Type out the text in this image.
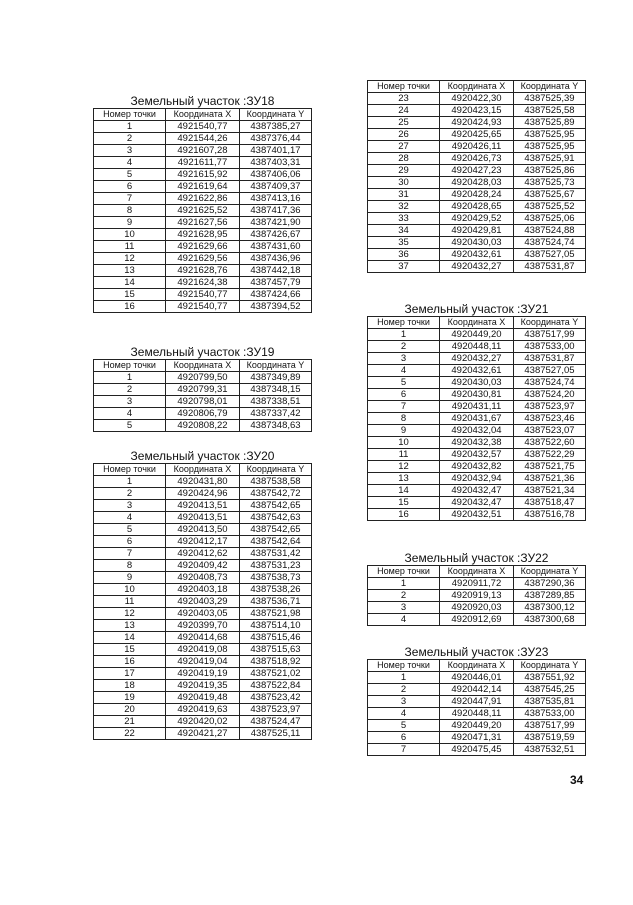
Земельный участок :ЗУ18
Номер точки	Координата X	Координата Y
1	4921540,77	4387385,27
2	4921544,26	4387376,44
3	4921607,28	4387401,17
4	4921611,77	4387403,31
5	4921615,92	4387406,06
6	4921619,64	4387409,37
7	4921622,86	4387413,16
8	4921625,52	4387417,36
9	4921627,56	4387421,90
10	4921628,95	4387426,67
11	4921629,66	4387431,60
12	4921629,56	4387436,96
13	4921628,76	4387442,18
14	4921624,38	4387457,79
15	4921540,77	4387424,66
16	4921540,77	4387394,52
Земельный участок :ЗУ19
Номер точки	Координата X	Координата Y
1	4920799,50	4387349,89
2	4920799,31	4387348,15
3	4920798,01	4387338,51
4	4920806,79	4387337,42
5	4920808,22	4387348,63
Земельный участок :ЗУ20
Номер точки	Координата X	Координата Y
1	4920431,80	4387538,58
2	4920424,96	4387542,72
3	4920413,51	4387542,65
4	4920413,51	4387542,63
5	4920413,50	4387542,65
6	4920412,17	4387542,64
7	4920412,62	4387531,42
8	4920409,42	4387531,23
9	4920408,73	4387538,73
10	4920403,18	4387538,26
11	4920403,29	4387536,71
12	4920403,05	4387521,98
13	4920399,70	4387514,10
14	4920414,68	4387515,46
15	4920419,08	4387515,63
16	4920419,04	4387518,92
17	4920419,19	4387521,02
18	4920419,35	4387522,84
19	4920419,48	4387523,42
20	4920419,63	4387523,97
21	4920420,02	4387524,47
22	4920421,27	4387525,11
Номер точки	Координата X	Координата Y
23	4920422,30	4387525,39
24	4920423,15	4387525,58
25	4920424,93	4387525,89
26	4920425,65	4387525,95
27	4920426,11	4387525,95
28	4920426,73	4387525,91
29	4920427,23	4387525,86
30	4920428,03	4387525,73
31	4920428,24	4387525,67
32	4920428,65	4387525,52
33	4920429,52	4387525,06
34	4920429,81	4387524,88
35	4920430,03	4387524,74
36	4920432,61	4387527,05
37	4920432,27	4387531,87
Земельный участок :ЗУ21
Номер точки	Координата X	Координата Y
1	4920449,20	4387517,99
2	4920448,11	4387533,00
3	4920432,27	4387531,87
4	4920432,61	4387527,05
5	4920430,03	4387524,74
6	4920430,81	4387524,20
7	4920431,11	4387523,97
8	4920431,67	4387523,46
9	4920432,04	4387523,07
10	4920432,38	4387522,60
11	4920432,57	4387522,29
12	4920432,82	4387521,75
13	4920432,94	4387521,36
14	4920432,47	4387521,34
15	4920432,47	4387518,47
16	4920432,51	4387516,78
Земельный участок :ЗУ22
Номер точки	Координата X	Координата Y
1	4920911,72	4387290,36
2	4920919,13	4387289,85
3	4920920,03	4387300,12
4	4920912,69	4387300,68
Земельный участок :ЗУ23
Номер точки	Координата X	Координата Y
1	4920446,01	4387551,92
2	4920442,14	4387545,25
3	4920447,91	4387535,81
4	4920448,11	4387533,00
5	4920449,20	4387517,99
6	4920471,31	4387519,59
7	4920475,45	4387532,51
34
